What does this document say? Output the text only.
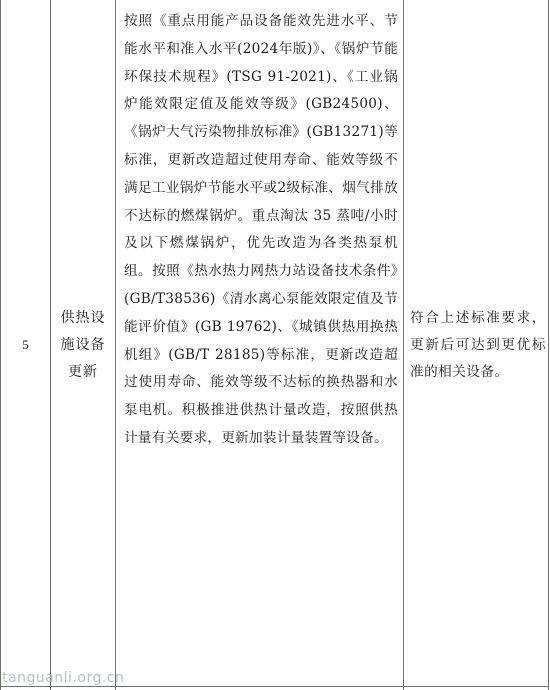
5
供热设施设备更新
按照《重点用能产品设备能效先进水平、节能水平和准入水平(2024年版)》、《锅炉节能环保技术规程》(TSG 91-2021)、《工业锅炉能效限定值及能效等级》(GB24500)、《锅炉大气污染物排放标准》(GB13271)等标准，更新改造超过使用寿命、能效等级不满足工业锅炉节能水平或2级标准、烟气排放不达标的燃煤锅炉。重点淘汰 35 蒸吨/小时及以下燃煤锅炉，优先改造为各类热泵机组。按照《热水热力网热力站设备技术条件》(GB/T38536)《清水离心泵能效限定值及节能评价值》(GB 19762)、《城镇供热用换热机组》(GB/T 28185)等标准，更新改造超过使用寿命、能效等级不达标的换热器和水泵电机。积极推进供热计量改造，按照供热计量有关要求，更新加装计量装置等设备。
符合上述标准要求，更新后可达到更优标准的相关设备。
tanguanli.org.cn
